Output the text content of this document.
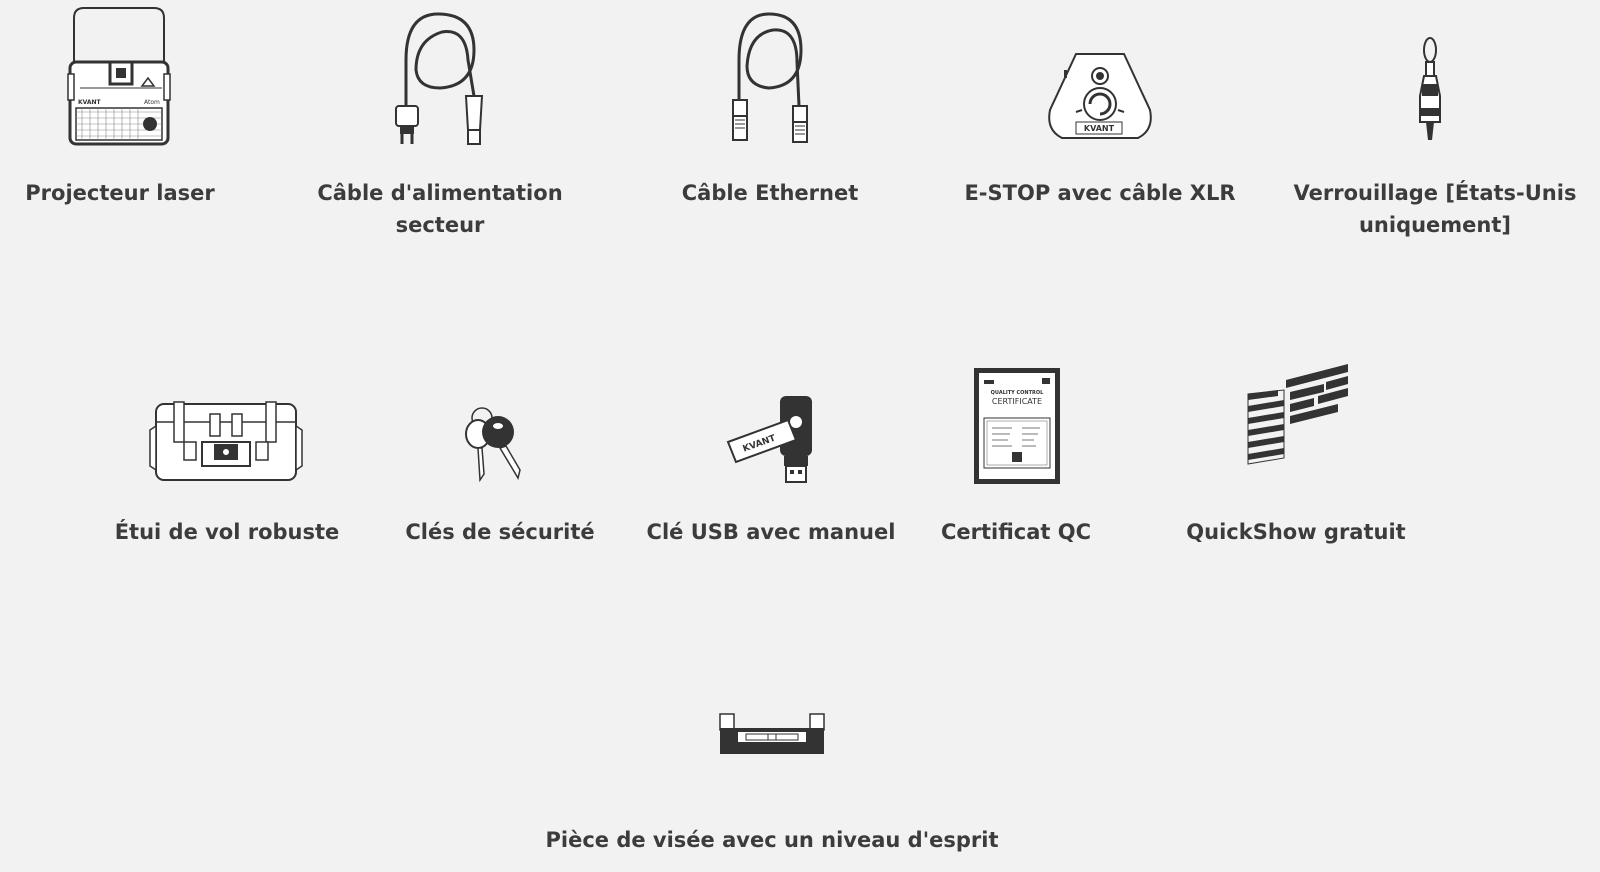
KVANT	Atom
Projecteur laser	Câble d'alimentation
secteur
Câble Ethernet
KVANT
E-STOP avec câble XLR	Verrouillage [États-Unis
uniquement]
Étui de vol robuste	Clés de sécurité
KVANT
Clé USB avec manuel
QUALITY CONTROL
CERTIFICATE
Certificat QC	QuickShow gratuit
Pièce de visée avec un niveau d'esprit
